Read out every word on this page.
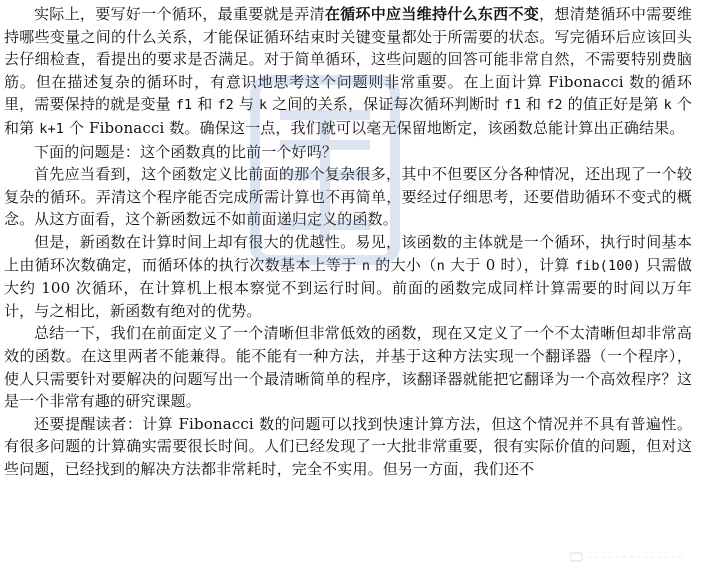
实际上，要写好一个循环，最重要就是弄清在循环中应当维持什么东西不变，想清楚循环中需要维持哪些变量之间的什么关系，才能保证循环结束时关键变量都处于所需要的状态。写完循环后应该回头去仔细检查，看提出的要求是否满足。对于简单循环，这些问题的回答可能非常自然，不需要特别费脑筋。但在描述复杂的循环时，有意识地思考这个问题则非常重要。在上面计算 Fibonacci 数的循环里，需要保持的就是变量 f1 和 f2 与 k 之间的关系，保证每次循环判断时 f1 和 f2 的值正好是第 k 个和第 k+1 个 Fibonacci 数。确保这一点，我们就可以毫无保留地断定，该函数总能计算出正确结果。

下面的问题是：这个函数真的比前一个好吗？

首先应当看到，这个函数定义比前面的那个复杂很多，其中不但要区分各种情况，还出现了一个较复杂的循环。弄清这个程序能否完成所需计算也不再简单，要经过仔细思考，还要借助循环不变式的概念。从这方面看，这个新函数远不如前面递归定义的函数。

但是，新函数在计算时间上却有很大的优越性。易见，该函数的主体就是一个循环，执行时间基本上由循环次数确定，而循环体的执行次数基本上等于 n 的大小（n 大于 0 时），计算 fib(100) 只需做大约 100 次循环，在计算机上根本察觉不到运行时间。前面的函数完成同样计算需要的时间以万年计，与之相比，新函数有绝对的优势。

总结一下，我们在前面定义了一个清晰但非常低效的函数，现在又定义了一个不太清晰但却非常高效的函数。在这里两者不能兼得。能不能有一种方法，并基于这种方法实现一个翻译器（一个程序），使人只需要针对要解决的问题写出一个最清晰简单的程序，该翻译器就能把它翻译为一个高效程序？这是一个非常有趣的研究课题。

还要提醒读者：计算 Fibonacci 数的问题可以找到快速计算方法，但这个情况并不具有普遍性。有很多问题的计算确实需要很长时间。人们已经发现了一大批非常重要，很有实际价值的问题，但对这些问题，已经找到的解决方法都非常耗时，完全不实用。但另一方面，我们还不
